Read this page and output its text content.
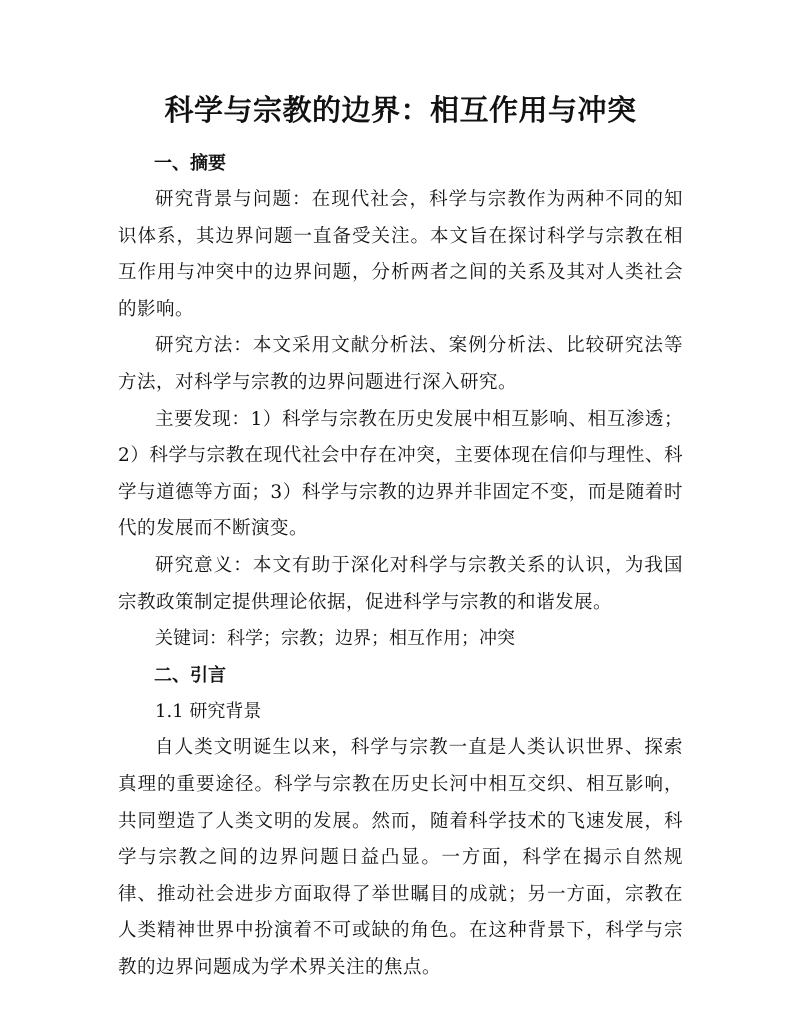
科学与宗教的边界：相互作用与冲突
一、摘要

研究背景与问题：在现代社会，科学与宗教作为两种不同的知识体系，其边界问题一直备受关注。本文旨在探讨科学与宗教在相互作用与冲突中的边界问题，分析两者之间的关系及其对人类社会的影响。

研究方法：本文采用文献分析法、案例分析法、比较研究法等方法，对科学与宗教的边界问题进行深入研究。

主要发现：1）科学与宗教在历史发展中相互影响、相互渗透；2）科学与宗教在现代社会中存在冲突，主要体现在信仰与理性、科学与道德等方面；3）科学与宗教的边界并非固定不变，而是随着时代的发展而不断演变。

研究意义：本文有助于深化对科学与宗教关系的认识，为我国宗教政策制定提供理论依据，促进科学与宗教的和谐发展。

关键词：科学；宗教；边界；相互作用；冲突

二、引言

1.1 研究背景

自人类文明诞生以来，科学与宗教一直是人类认识世界、探索真理的重要途径。科学与宗教在历史长河中相互交织、相互影响，共同塑造了人类文明的发展。然而，随着科学技术的飞速发展，科学与宗教之间的边界问题日益凸显。一方面，科学在揭示自然规律、推动社会进步方面取得了举世瞩目的成就；另一方面，宗教在人类精神世界中扮演着不可或缺的角色。在这种背景下，科学与宗教的边界问题成为学术界关注的焦点。
